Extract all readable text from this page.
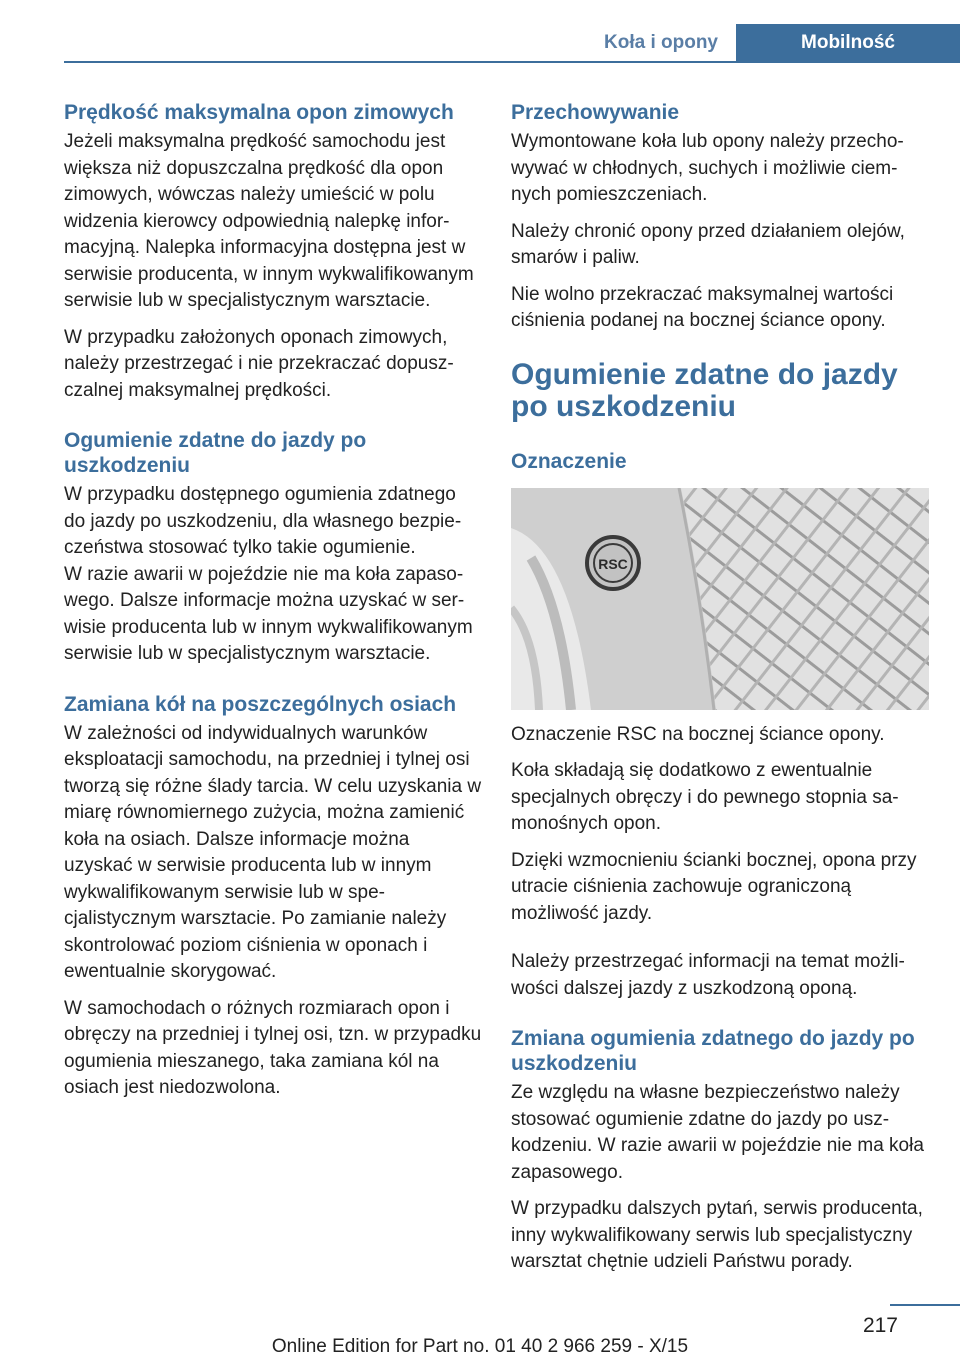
Koła i opony	Mobilność
Prędkość maksymalna opon zimowych

Jeżeli maksymalna prędkość samochodu jest większa niż dopuszczalna prędkość dla opon zimowych, wówczas należy umieścić w polu widzenia kierowcy odpowiednią nalepkę informacyjną. Nalepka informacyjna dostępna jest w serwisie producenta, w innym wykwalifikowanym serwisie lub w specjalistycznym warsztacie.

W przypadku założonych oponach zimowych, należy przestrzegać i nie przekraczać dopuszczalnej maksymalnej prędkości.

Ogumienie zdatne do jazdy po uszkodzeniu

W przypadku dostępnego ogumienia zdatnego do jazdy po uszkodzeniu, dla własnego bezpieczeństwa stosować tylko takie ogumienie.

W razie awarii w pojeździe nie ma koła zapasowego. Dalsze informacje można uzyskać w serwisie producenta lub w innym wykwalifikowanym serwisie lub w specjalistycznym warsztacie.

Zamiana kół na poszczególnych osiach

W zależności od indywidualnych warunków eksploatacji samochodu, na przedniej i tylnej osi tworzą się różne ślady tarcia. W celu uzyskania w miarę równomiernego zużycia, można zamienić koła na osiach. Dalsze informacje można uzyskać w serwisie producenta lub w innym wykwalifikowanym serwisie lub w specjalistycznym warsztacie. Po zamianie należy skontrolować poziom ciśnienia w oponach i ewentualnie skorygować.

W samochodach o różnych rozmiarach opon i obręczy na przedniej i tylnej osi, tzn. w przypadku ogumienia mieszanego, taka zamiana kól na osiach jest niedozwolona.

Przechowywanie

Wymontowane koła lub opony należy przechowywać w chłodnych, suchych i możliwie ciemnych pomieszczeniach.

Należy chronić opony przed działaniem olejów, smarów i paliw.

Nie wolno przekraczać maksymalnej wartości ciśnienia podanej na bocznej ściance opony.

Ogumienie zdatne do jazdy po uszkodzeniu
Oznaczenie
RSC

Oznaczenie RSC na bocznej ściance opony.

Koła składają się dodatkowo z ewentualnie specjalnych obręczy i do pewnego stopnia samonośnych opon.

Dzięki wzmocnieniu ścianki bocznej, opona przy utracie ciśnienia zachowuje ograniczoną możliwość jazdy.

Należy przestrzegać informacji na temat możliwości dalszej jazdy z uszkodzoną oponą.

Zmiana ogumienia zdatnego do jazdy po uszkodzeniu

Ze względu na własne bezpieczeństwo należy stosować ogumienie zdatne do jazdy po uszkodzeniu. W razie awarii w pojeździe nie ma koła zapasowego.

W przypadku dalszych pytań, serwis producenta, inny wykwalifikowany serwis lub specjalistyczny warsztat chętnie udzieli Państwu porady.

217
Online Edition for Part no. 01 40 2 966 259 - X/15
